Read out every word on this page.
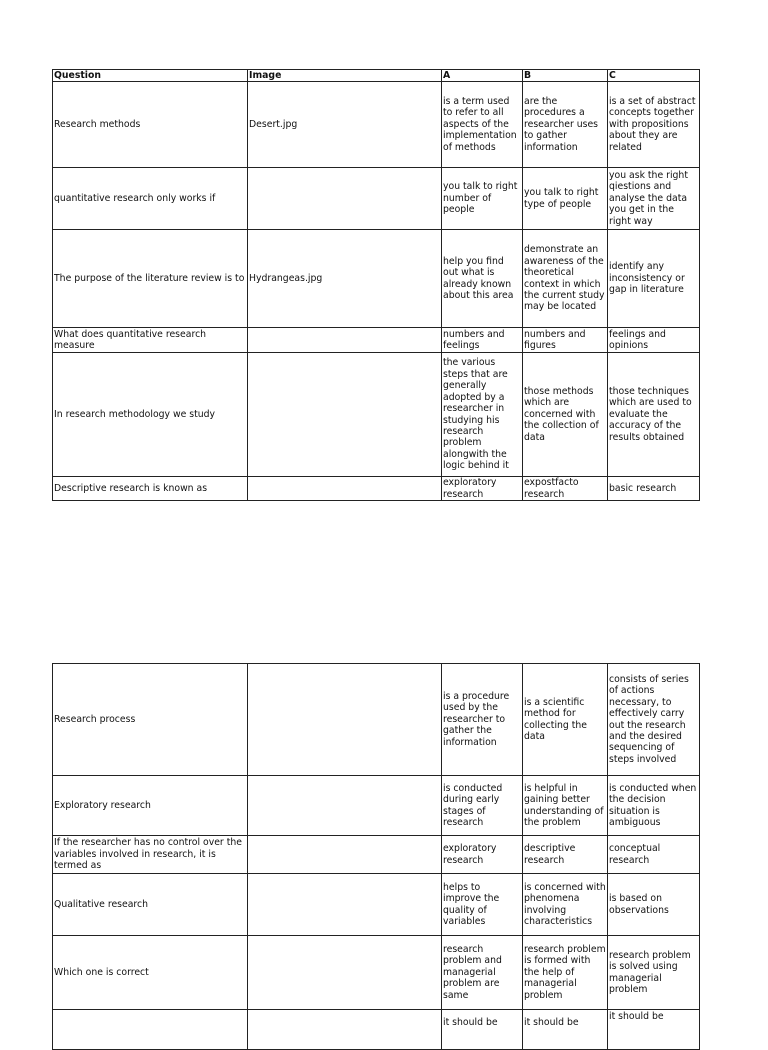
Question	Image	A	B	C
Research methods	Desert.jpg	is a term used to refer to all aspects of the implementation of methods	are the procedures a researcher uses to gather information	is a set of abstract concepts together with propositions about they are related
quantitative research only works if		you talk to right number of people	you talk to right type of people	you ask the right qiestions and analyse the data you get in the right way
The purpose of the literature review is to	Hydrangeas.jpg	help you find out what is already known about this area	demonstrate an awareness of the theoretical context in which the current study may be located	identify any inconsistency or gap in literature
What does quantitative research measure		numbers and feelings	numbers and figures	feelings and opinions
In research methodology we study		the various steps that are generally adopted by a researcher in studying his research problem alongwith the logic behind it	those methods which are concerned with the collection of data	those techniques which are used to evaluate the accuracy of the results obtained
Descriptive research is known as		exploratory research	expostfacto research	basic research
Research process		is a procedure used by the researcher to gather the information	is a scientific method for collecting the data	consists of series of actions necessary, to effectively carry out the research and the desired sequencing of steps involved
Exploratory research		is conducted during early stages of research	is helpful in gaining better understanding of the problem	is conducted when the decision situation is ambiguous
If the researcher has no control over the variables involved in research, it is termed as		exploratory research	descriptive research	conceptual research
Qualitative research		helps to improve the quality of variables	is concerned with phenomena involving characteristics	is based on observations
Which one is correct		research problem and managerial problem are same	research problem is formed with the help of managerial problem	research problem is solved using managerial problem
		it should be	it should be	it should be
